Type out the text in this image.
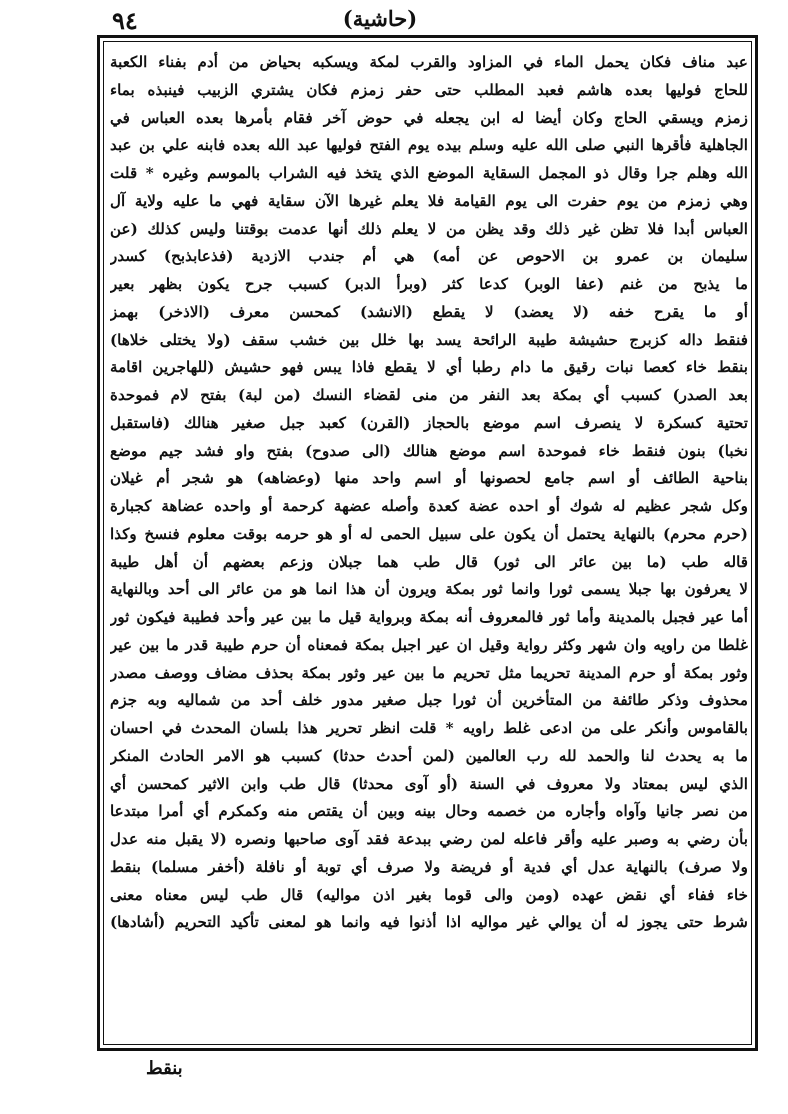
٩٤	(حاشية)
عبد مناف فكان يحمل الماء في المزاود والقرب لمكة ويسكبه بحياض من أدم بفناء الكعبة
للحاج فوليها بعده هاشم فعبد المطلب حتى حفر زمزم فكان يشتري الزبيب فينبذه بماء
زمزم ويسقي الحاج وكان أيضا له ابن يجعله في حوض آخر فقام بأمرها بعده العباس في
الجاهلية فأقرها النبي صلى الله عليه وسلم بيده يوم الفتح فوليها عبد الله بعده فابنه علي بن عبد
الله وهلم جرا وقال ذو المجمل السقاية الموضع الذي يتخذ فيه الشراب بالموسم وغيره * قلت
وهي زمزم من يوم حفرت الى يوم القيامة فلا يعلم غيرها الآن سقاية فهي ما عليه ولاية آل
العباس أبدا فلا تظن غير ذلك وقد يظن من لا يعلم ذلك أنها عدمت بوقتنا وليس كذلك (عن
سليمان بن عمرو بن الاحوص عن أمه) هي أم جندب الازدية (فذعابذبح) كسدر
ما يذبح من غنم (عفا الوبر) كدعا كثر (وبرأ الدبر) كسبب جرح يكون بظهر بعير
أو ما يقرح خفه (لا يعضد) لا يقطع (الانشد) كمحسن معرف (الاذخر) بهمز
فنقط داله كزبرج حشيشة طيبة الرائحة يسد بها خلل بين خشب سقف (ولا يختلى خلاها)
بنقط خاء كعصا نبات رقيق ما دام رطبا أي لا يقطع فاذا يبس فهو حشيش (للهاجرين اقامة
بعد الصدر) كسبب أي بمكة بعد النفر من منى لقضاء النسك (من لبة) بفتح لام فموحدة
تحتية كسكرة لا ينصرف اسم موضع بالحجاز (القرن) كعبد جبل صغير هنالك (فاستقبل
نخبا) بنون فنقط خاء فموحدة اسم موضع هنالك (الى صدوح) بفتح واو فشد جيم موضع
بناحية الطائف أو اسم جامع لحصونها أو اسم واحد منها (وعضاهه) هو شجر أم غيلان
وكل شجر عظيم له شوك أو احده عضة كعدة وأصله عضهة كرحمة أو واحده عضاهة كجبارة
(حرم محرم) بالنهاية يحتمل أن يكون على سبيل الحمى له أو هو حرمه بوقت معلوم فنسخ وكذا
قاله طب (ما بين عائر الى ثور) قال طب هما جبلان وزعم بعضهم أن أهل طيبة
لا يعرفون بها جبلا يسمى ثورا وانما ثور بمكة ويرون أن هذا انما هو من عائر الى أحد وبالنهاية
أما عير فجبل بالمدينة وأما ثور فالمعروف أنه بمكة وبرواية قيل ما بين عير وأحد فطيبة فيكون ثور
غلطا من راويه وان شهر وكثر رواية وقيل ان عير اجبل بمكة فمعناه أن حرم طيبة قدر ما بين عير
وثور بمكة أو حرم المدينة تحريما مثل تحريم ما بين عير وثور بمكة بحذف مضاف ووصف مصدر
محذوف وذكر طائفة من المتأخرين أن ثورا جبل صغير مدور خلف أحد من شماليه وبه جزم
بالقاموس وأنكر على من ادعى غلط راويه * قلت انظر تحرير هذا بلسان المحدث في احسان
ما به يحدث لنا والحمد لله رب العالمين (لمن أحدث حدثا) كسبب هو الامر الحادث المنكر
الذي ليس بمعتاد ولا معروف في السنة (أو آوى محدثا) قال طب وابن الاثير كمحسن أي
من نصر جانيا وآواه وأجاره من خصمه وحال بينه وبين أن يقتص منه وكمكرم أي أمرا مبتدعا
بأن رضي به وصبر عليه وأقر فاعله لمن رضي ببدعة فقد آوى صاحبها ونصره (لا يقبل منه عدل
ولا صرف) بالنهاية عدل أي فدية أو فريضة ولا صرف أي توبة أو نافلة (أخفر مسلما) بنقط
خاء ففاء أي نقض عهده (ومن والى قوما بغير اذن مواليه) قال طب ليس معناه معنى
شرط حتى يجوز له أن يوالي غير مواليه اذا أذنوا فيه وانما هو لمعنى تأكيد التحريم (أشادها)
بنقط
